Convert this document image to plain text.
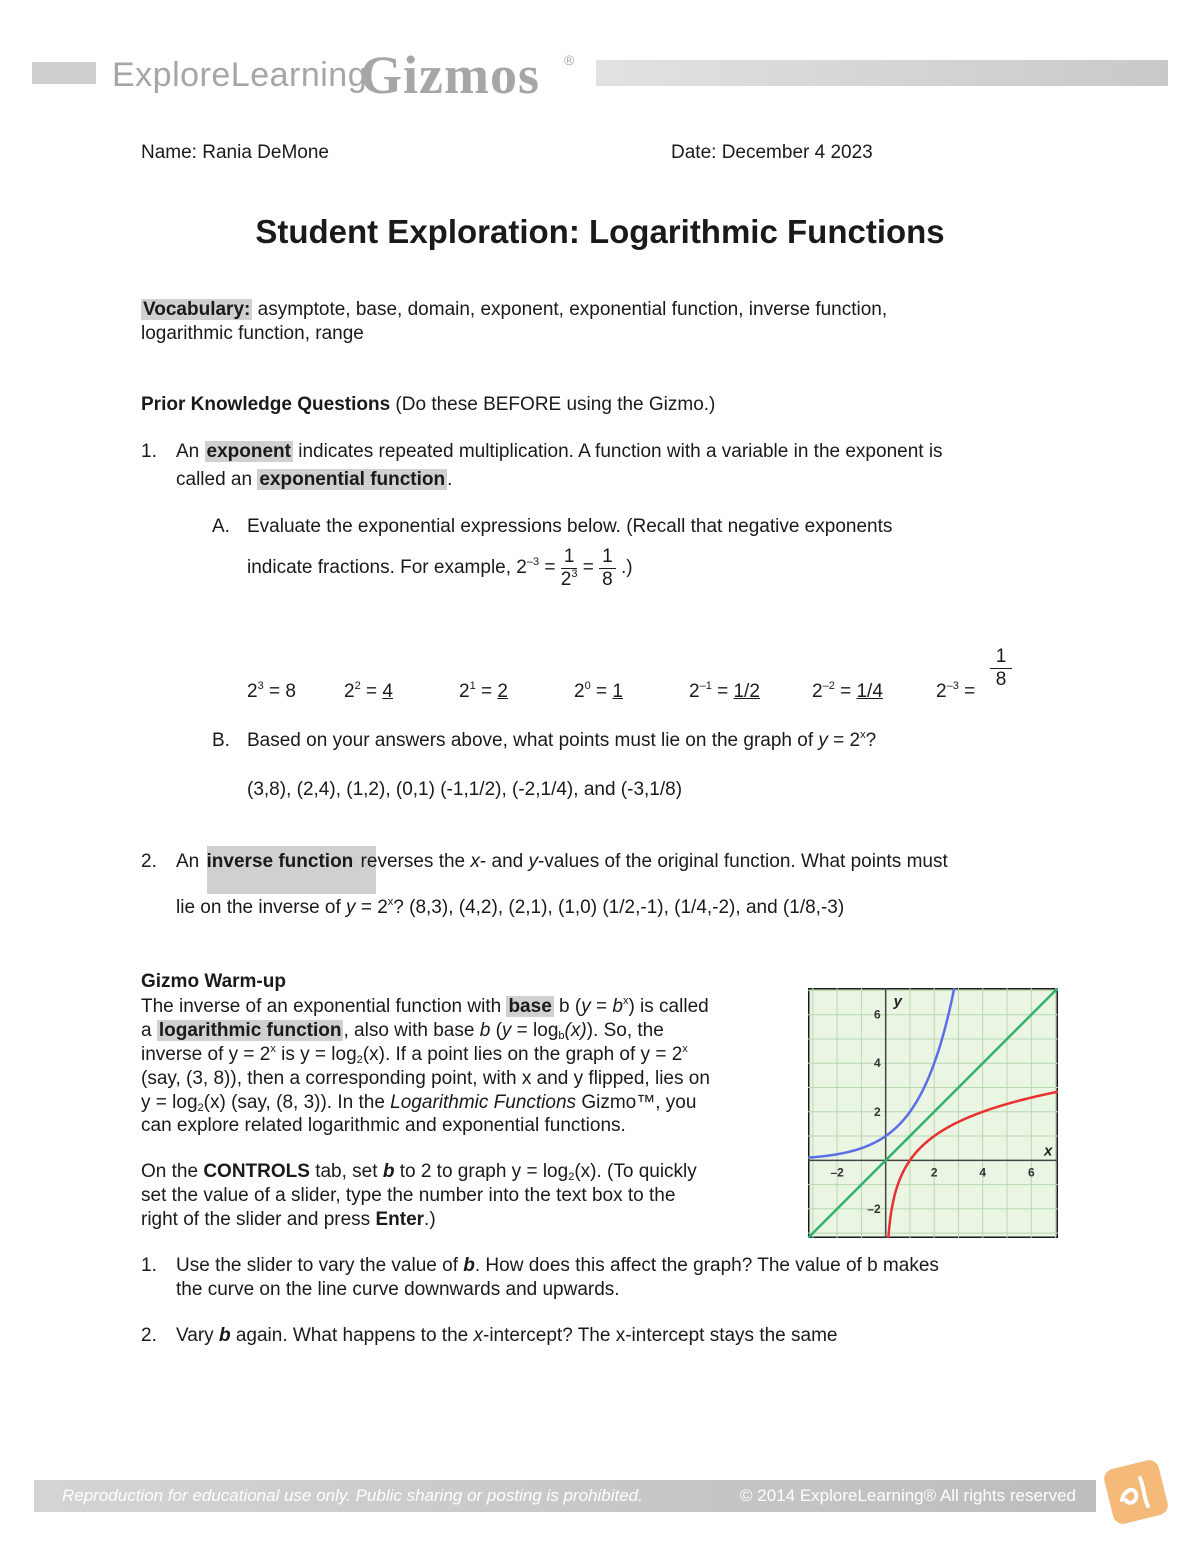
ExploreLearning
Gizmos ®
Name: Rania DeMone	Date: December 4 2023
Student Exploration: Logarithmic Functions
Vocabulary: asymptote, base, domain, exponent, exponential function, inverse function,
logarithmic function, range
Prior Knowledge Questions (Do these BEFORE using the Gizmo.)
1. An exponent indicates repeated multiplication. A function with a variable in the exponent is
called an exponential function .
A. Evaluate the exponential expressions below. (Recall that negative exponents
indicate fractions. For example, $2^{-3} = \frac{1}{2^3} = \frac{1}{8}$ .)
$2^3 = 8$	$2^2 = 4$	$2^1 = 2$	$2^0 = 1$	$2^{-1} = 1/2$	$2^{-2} = 1/4$	$2^{-3}$ =
1
8
B. Based on your answers above, what points must lie on the graph of $y = 2^x$?
(3,8), (2,4), (1,2), (0,1) (-1,1/2), (-2,1/4), and (-3,1/8)
2. An inverse function reverses the x- and y-values of the original function. What points must
lie on the inverse of $y = 2^x$? (8,3), (4,2), (2,1), (1,0) (1/2,-1), (1/4,-2), and (1/8,-3)
Gizmo Warm-up
The inverse of an exponential function with base b $(y = b^x)$ is called
a logarithmic function , also with base b $(y = \log_b(x))$. So, the
inverse of $y = 2^x$ is $y = \log_2(x)$. If a point lies on the graph of $y = 2^x$
(say, (3, 8)), then a corresponding point, with x and y flipped, lies on
$y = \log_2(x)$ (say, (8, 3)). In the Logarithmic Functions Gizmo™, you
can explore related logarithmic and exponential functions.
On the CONTROLS tab, set b to 2 to graph $y = \log_2(x)$. (To quickly
set the value of a slider, type the number into the text box to the
right of the slider and press Enter.)
–2	2	4	6
6
4
2
–2
x
y
1. Use the slider to vary the value of b. How does this affect the graph? The value of b makes
the curve on the line curve downwards and upwards.
2. Vary b again. What happens to the x-intercept? The x-intercept stays the same
Reproduction for educational use only. Public sharing or posting is prohibited.	© 2014 ExploreLearning® All rights reserved
